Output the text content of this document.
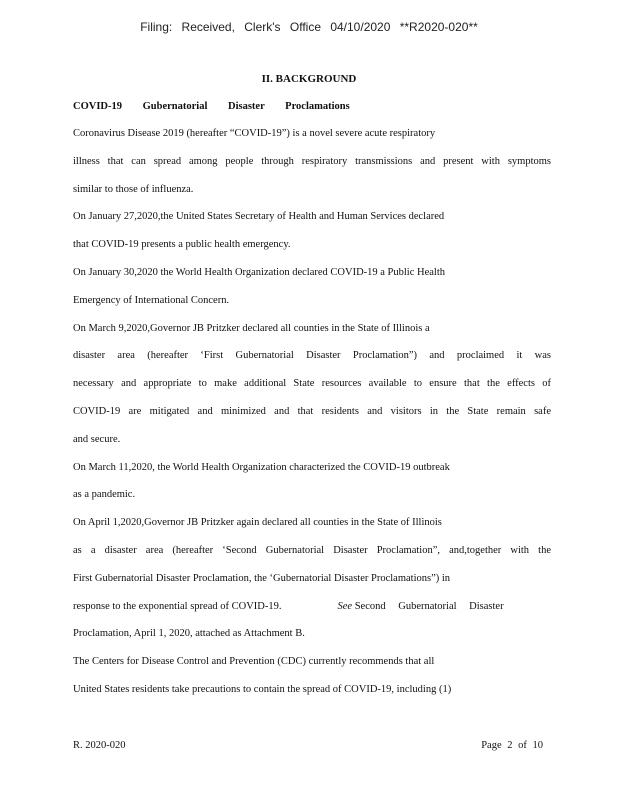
Filing: Received, Clerk's Office 04/10/2020 **R2020-020**
II. BACKGROUND
COVID-19 Gubernatorial Disaster Proclamations
Coronavirus Disease 2019 (hereafter “COVID-19”) is a novel severe acute respiratory
illness that can spread among people through respiratory transmissions and present with symptoms
similar to those of influenza.
On January 27,2020,the United States Secretary of Health and Human Services declared
that COVID-19 presents a public health emergency.
On January 30,2020 the World Health Organization declared COVID-19 a Public Health
Emergency of International Concern.
On March 9,2020,Governor JB Pritzker declared all counties in the State of Illinois a
disaster area (hereafter ‘First Gubernatorial Disaster Proclamation”) and proclaimed it was
necessary and appropriate to make additional State resources available to ensure that the effects of
COVID-19 are mitigated and minimized and that residents and visitors in the State remain safe
and secure.
On March 11,2020, the World Health Organization characterized the COVID-19 outbreak
as a pandemic.
On April 1,2020,Governor JB Pritzker again declared all counties in the State of Illinois
as a disaster area (hereafter ‘Second Gubernatorial Disaster Proclamation”, and,together with the
First Gubernatorial Disaster Proclamation, the ‘Gubernatorial Disaster Proclamations”) in
response to the exponential spread of COVID-19.	See Second Gubernatorial Disaster
Proclamation, April 1, 2020, attached as Attachment B.
The Centers for Disease Control and Prevention (CDC) currently recommends that all
United States residents take precautions to contain the spread of COVID-19, including (1)
R. 2020-020	Page 2 of 10
